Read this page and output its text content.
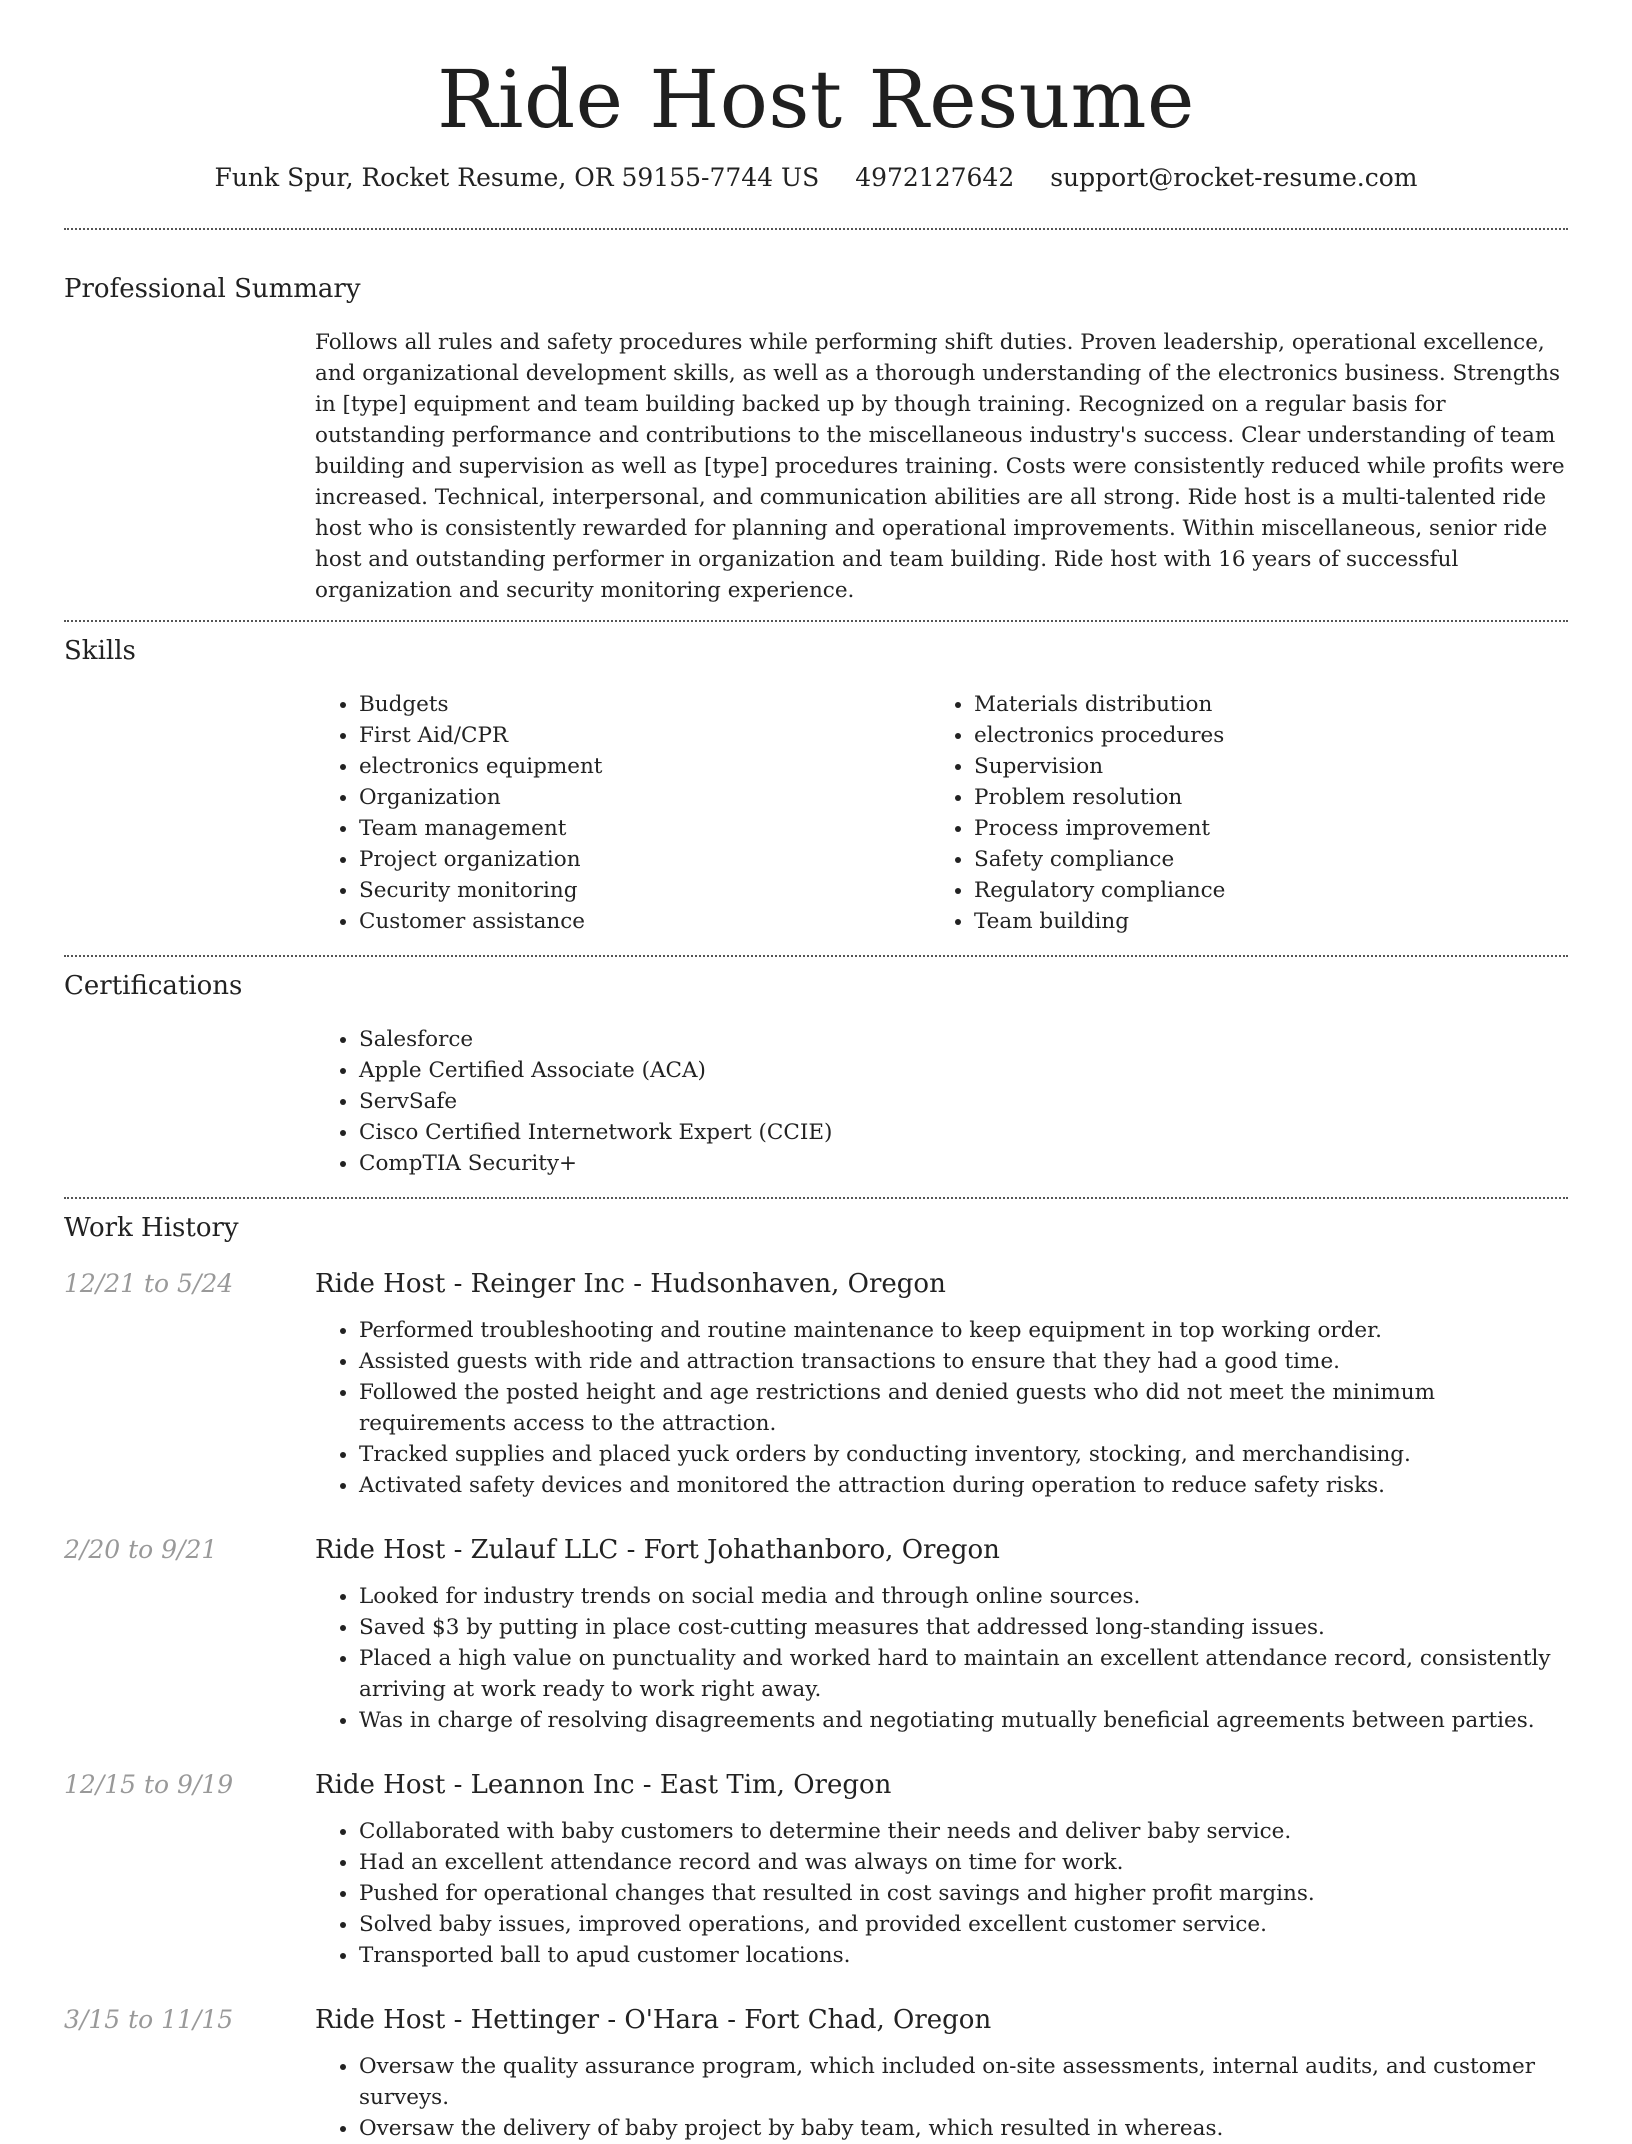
Ride Host Resume
Funk Spur, Rocket Resume, OR 59155-7744 US 4972127642 support@rocket-resume.com
Professional Summary

Follows all rules and safety procedures while performing shift duties. Proven leadership, operational excellence, and organizational development skills, as well as a thorough understanding of the electronics business. Strengths in [type] equipment and team building backed up by though training. Recognized on a regular basis for outstanding performance and contributions to the miscellaneous industry's success. Clear understanding of team building and supervision as well as [type] procedures training. Costs were consistently reduced while profits were increased. Technical, interpersonal, and communication abilities are all strong. Ride host is a multi-talented ride host who is consistently rewarded for planning and operational improvements. Within miscellaneous, senior ride host and outstanding performer in organization and team building. Ride host with 16 years of successful organization and security monitoring experience.

Skills
• Budgets
• First Aid/CPR
• electronics equipment
• Organization
• Team management
• Project organization
• Security monitoring
• Customer assistance
• Materials distribution
• electronics procedures
• Supervision
• Problem resolution
• Process improvement
• Safety compliance
• Regulatory compliance
• Team building
Certifications
• Salesforce
• Apple Certified Associate (ACA)
• ServSafe
• Cisco Certified Internetwork Expert (CCIE)
• CompTIA Security+
Work History
12/21 to 5/24	Ride Host - Reinger Inc - Hudsonhaven, Oregon
• Performed troubleshooting and routine maintenance to keep equipment in top working order.
• Assisted guests with ride and attraction transactions to ensure that they had a good time.
• Followed the posted height and age restrictions and denied guests who did not meet the minimum requirements access to the attraction.
• Tracked supplies and placed yuck orders by conducting inventory, stocking, and merchandising.
• Activated safety devices and monitored the attraction during operation to reduce safety risks.
2/20 to 9/21	Ride Host - Zulauf LLC - Fort Johathanboro, Oregon
• Looked for industry trends on social media and through online sources.
• Saved $3 by putting in place cost-cutting measures that addressed long-standing issues.
• Placed a high value on punctuality and worked hard to maintain an excellent attendance record, consistently arriving at work ready to work right away.
• Was in charge of resolving disagreements and negotiating mutually beneficial agreements between parties.
12/15 to 9/19	Ride Host - Leannon Inc - East Tim, Oregon
• Collaborated with baby customers to determine their needs and deliver baby service.
• Had an excellent attendance record and was always on time for work.
• Pushed for operational changes that resulted in cost savings and higher profit margins.
• Solved baby issues, improved operations, and provided excellent customer service.
• Transported ball to apud customer locations.
3/15 to 11/15	Ride Host - Hettinger - O'Hara - Fort Chad, Oregon
• Oversaw the quality assurance program, which included on-site assessments, internal audits, and customer surveys.
• Oversaw the delivery of baby project by baby team, which resulted in whereas.
